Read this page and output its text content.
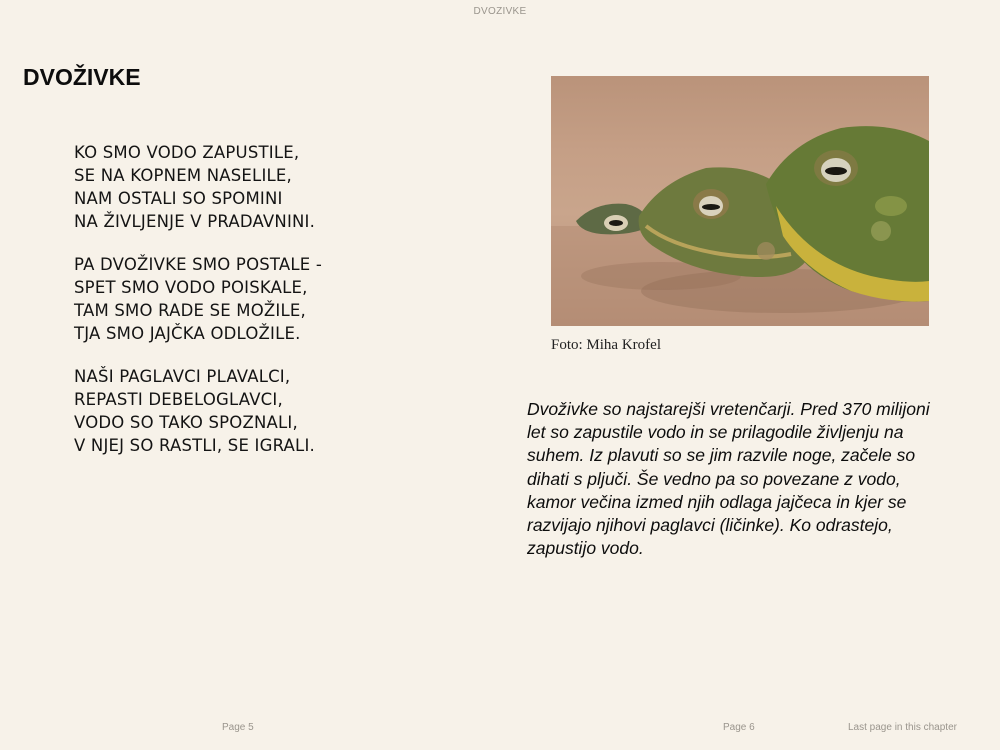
DVOZIVKE
DVOŽIVKE
KO SMO VODO ZAPUSTILE,
SE NA KOPNEM NASELILE,
NAM OSTALI SO SPOMINI
NA ŽIVLJENJE V PRADAVNINI.
PA DVOŽIVKE SMO POSTALE -
SPET SMO VODO POISKALE,
TAM SMO RADE SE MOŽILE,
TJA SMO JAJČKA ODLOŽILE.
NAŠI PAGLAVCI PLAVALCI,
REPASTI DEBELOGLAVCI,
VODO SO TAKO SPOZNALI,
V NJEJ SO RASTLI, SE IGRALI.
Foto: Miha Krofel

Dvoživke so najstarejši vretenčarji. Pred 370 milijoni let so zapustile vodo in se prilagodile življenju na suhem. Iz plavuti so se jim razvile noge, začele so dihati s pljuči. Še vedno pa so povezane z vodo, kamor večina izmed njih odlaga jajčeca in kjer se razvijajo njihovi paglavci (ličinke). Ko odrastejo, zapustijo vodo.

Page 5	Page 6	Last page in this chapter
